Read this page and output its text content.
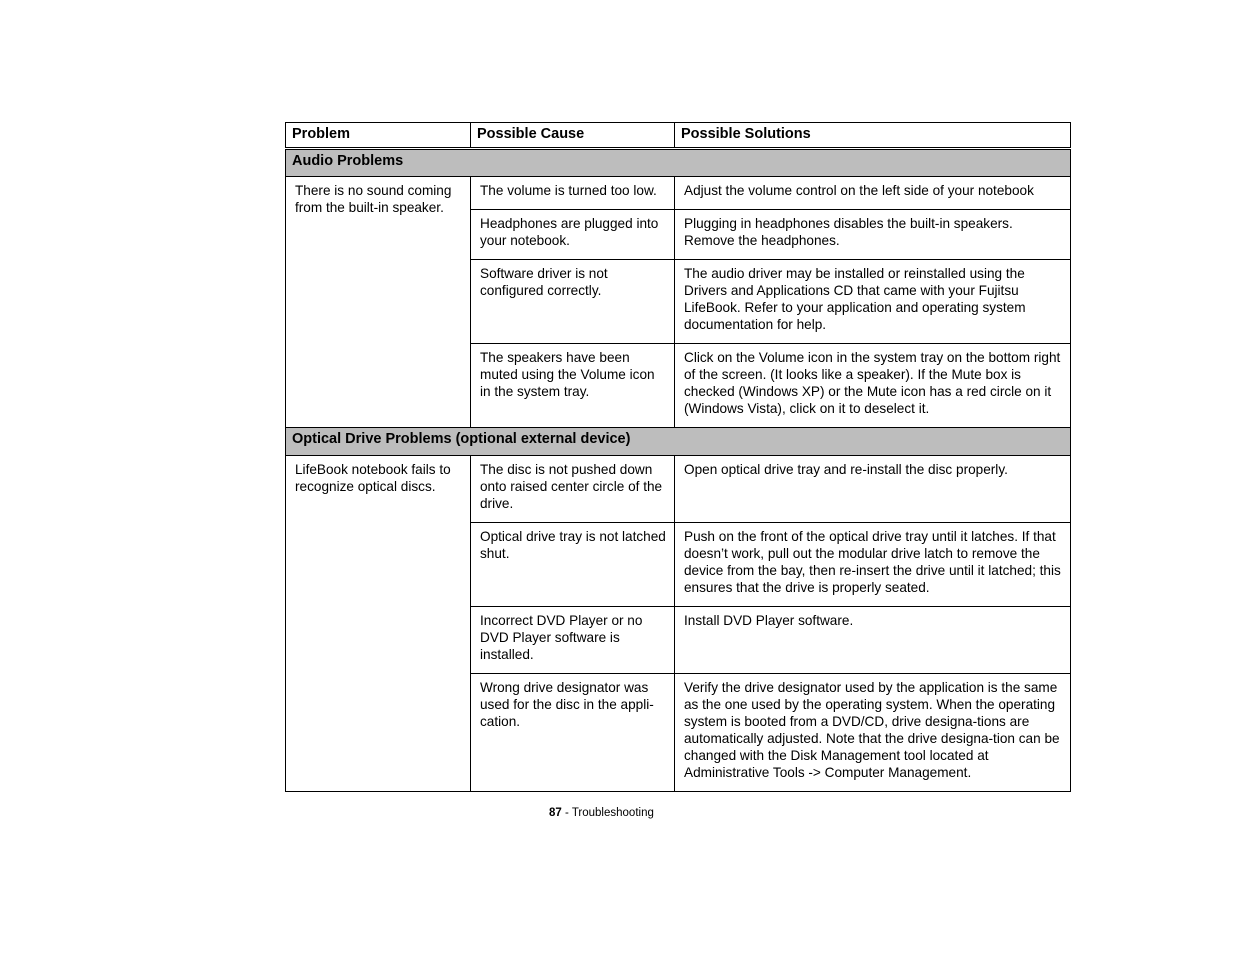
Problem	Possible Cause	Possible Solutions
Audio Problems		
There is no sound coming from the built-in speaker.	The volume is turned too low.	Adjust the volume control on the left side of your notebook
	Headphones are plugged into your notebook.	Plugging in headphones disables the built-in speakers. Remove the headphones.
	Software driver is not configured correctly.	The audio driver may be installed or reinstalled using the Drivers and Applications CD that came with your Fujitsu LifeBook. Refer to your application and operating system documentation for help.
	The speakers have been muted using the Volume icon in the system tray.	Click on the Volume icon in the system tray on the bottom right of the screen. (It looks like a speaker). If the Mute box is checked (Windows XP) or the Mute icon has a red circle on it (Windows Vista), click on it to deselect it.
Optical Drive Problems (optional external device)		
LifeBook notebook fails to recognize optical discs.	The disc is not pushed down onto raised center circle of the drive.	Open optical drive tray and re-install the disc properly.
	Optical drive tray is not latched shut.	Push on the front of the optical drive tray until it latches. If that doesn’t work, pull out the modular drive latch to remove the device from the bay, then re-insert the drive until it latched; this ensures that the drive is properly seated.
	Incorrect DVD Player or no DVD Player software is installed.	Install DVD Player software.
	Wrong drive designator was used for the disc in the appli-cation.	Verify the drive designator used by the application is the same as the one used by the operating system. When the operating system is booted from a DVD/CD, drive designa-tions are automatically adjusted. Note that the drive designa-tion can be changed with the Disk Management tool located at Administrative Tools -> Computer Management.
87 - Troubleshooting
